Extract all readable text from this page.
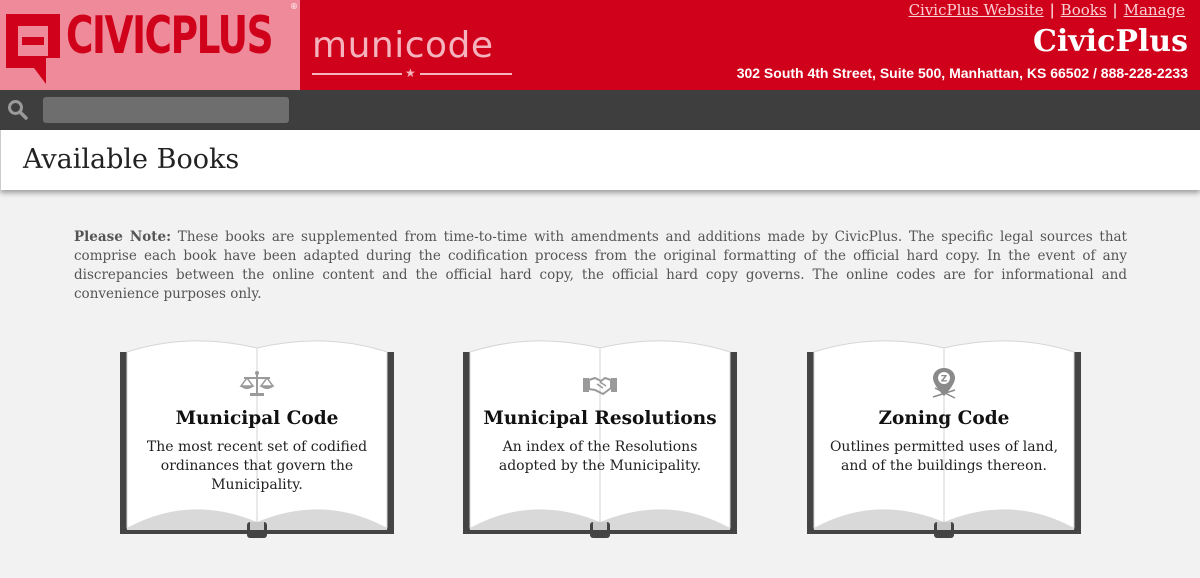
CIVICPLUS ®
municode
★
CivicPlus Website | Books | Manage
CivicPlus
302 South 4th Street, Suite 500, Manhattan, KS 66502 / 888-228-2233
Available Books

Please Note: These books are supplemented from time-to-time with amendments and additions made by CivicPlus. The specific legal sources that comprise each book have been adapted during the codification process from the original formatting of the official hard copy. In the event of any discrepancies between the online content and the official hard copy, the official hard copy governs. The online codes are for informational and convenience purposes only.

Municipal Code
The most recent set of codified ordinances that govern the Municipality.
Municipal Resolutions
An index of the Resolutions adopted by the Municipality.
Z
Zoning Code
Outlines permitted uses of land, and of the buildings thereon.
